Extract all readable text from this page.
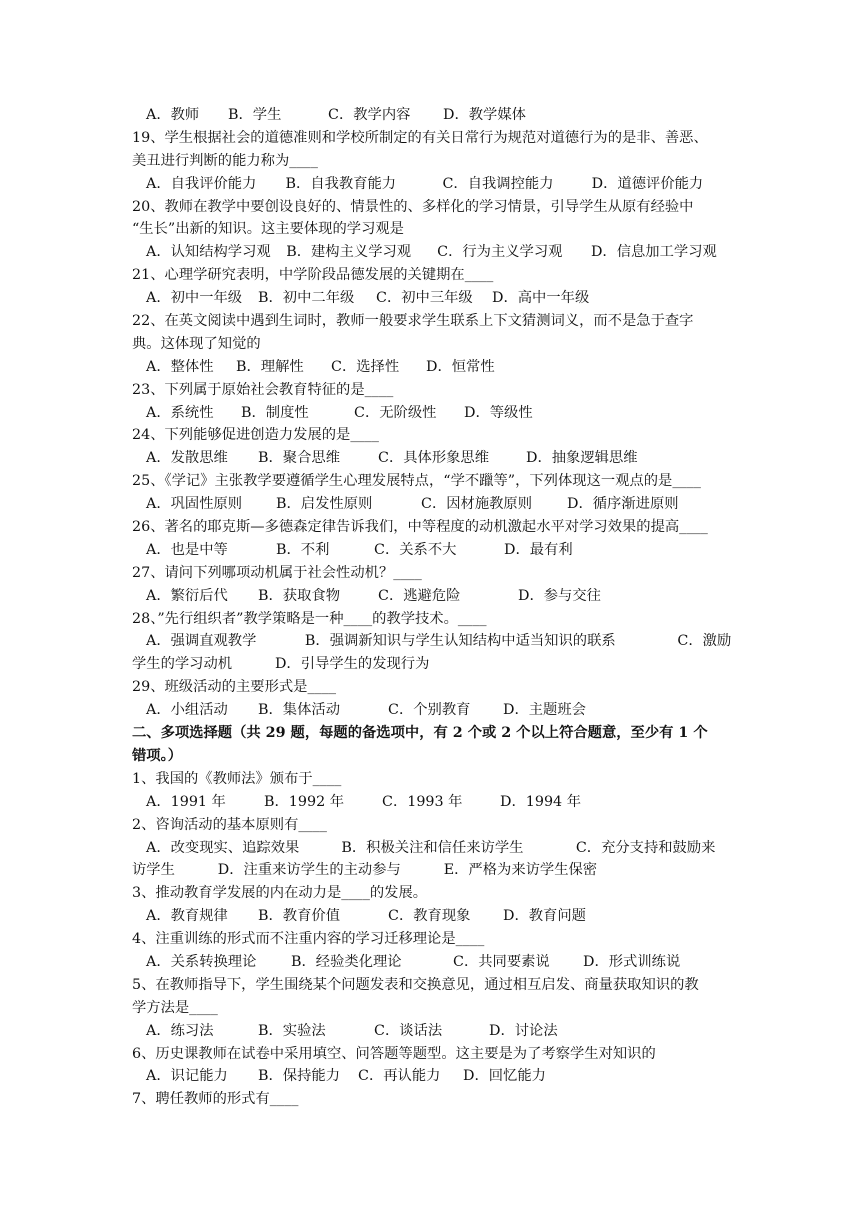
A．教师	B．学生	C．教学内容	D．教学媒体
19、学生根据社会的道德准则和学校所制定的有关日常行为规范对道德行为的是非、善恶、
美丑进行判断的能力称为____
A．自我评价能力	B．自我教育能力	C．自我调控能力	D．道德评价能力
20、教师在教学中要创设良好的、情景性的、多样化的学习情景，引导学生从原有经验中
“生长”出新的知识。这主要体现的学习观是
A．认知结构学习观	B．建构主义学习观	C．行为主义学习观	D．信息加工学习观
21、心理学研究表明，中学阶段品德发展的关键期在____
A．初中一年级	B．初中二年级	C．初中三年级	D．高中一年级
22、在英文阅读中遇到生词时，教师一般要求学生联系上下文猜测词义，而不是急于查字
典。这体现了知觉的
A．整体性	B．理解性	C．选择性	D．恒常性
23、下列属于原始社会教育特征的是____
A．系统性	B．制度性	C．无阶级性	D．等级性
24、下列能够促进创造力发展的是____
A．发散思维	B．聚合思维	C．具体形象思维	D．抽象逻辑思维
25、《学记》主张教学要遵循学生心理发展特点，“学不躐等”，下列体现这一观点的是____
A．巩固性原则	B．启发性原则	C．因材施教原则	D．循序渐进原则
26、著名的耶克斯—多德森定律告诉我们，中等程度的动机激起水平对学习效果的提高____
A．也是中等	B．不利	C．关系不大	D．最有利
27、请问下列哪项动机属于社会性动机？____
A．繁衍后代	B．获取食物	C．逃避危险	D．参与交往
28、”先行组织者”教学策略是一种____的教学技术。____
A．强调直观教学	B．强调新知识与学生认知结构中适当知识的联系	C．激励
学生的学习动机　　　D．引导学生的发现行为
29、班级活动的主要形式是____
A．小组活动	B．集体活动	C．个别教育	D．主题班会
二、多项选择题（共 29 题，每题的备选项中，有 2 个或 2 个以上符合题意，至少有 1 个
错项。）
1、我国的《教师法》颁布于____
A．1991 年	B．1992 年	C．1993 年	D．1994 年
2、咨询活动的基本原则有____
A．改变现实、追踪效果	B．积极关注和信任来访学生	C．充分支持和鼓励来
访学生　　　D．注重来访学生的主动参与　　　E．严格为来访学生保密
3、推动教育学发展的内在动力是____的发展。
A．教育规律	B．教育价值	C．教育现象	D．教育问题
4、注重训练的形式而不注重内容的学习迁移理论是____
A．关系转换理论	B．经验类化理论	C．共同要素说	D．形式训练说
5、在教师指导下，学生围绕某个问题发表和交换意见，通过相互启发、商量获取知识的教
学方法是____
A．练习法	B．实验法	C．谈话法	D．讨论法
6、历史课教师在试卷中采用填空、问答题等题型。这主要是为了考察学生对知识的
A．识记能力	B．保持能力	C．再认能力	D．回忆能力
7、聘任教师的形式有____
